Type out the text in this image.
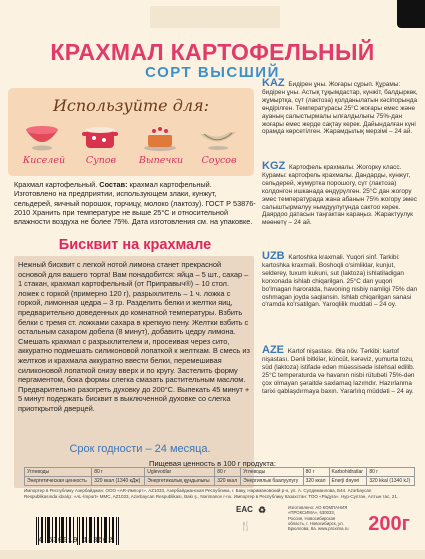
КРАХМАЛ КАРТОФЕЛЬНЫЙ
СОРТ ВЫСШИЙ
Используйте для:
Киселей	Супов	Выпечки	Соусов
Крахмал картофельный. Состав: крахмал картофельный. Изготовлено на предприятии, использующем злаки, кунжут, сельдерей, яичный порошок, горчицу, молоко (лактозу). ГОСТ Р 53876-2010 Хранить при температуре не выше 25°C и относительной влажности воздуха не более 75%. Дата изготовления см. на упаковке.
Бисквит на крахмале
Нежный бисквит с легкой нотой лимона станет прекрасной основой для вашего торта! Вам понадобится: яйца – 5 шт., сахар – 1 стакан, крахмал картофельный (от Приправыч®) – 10 стол. ложек с горкой (примерно 120 г), разрыхлитель – 1 ч. ложка с горкой, лимонная цедра – 3 гр. Разделить белки и желтки яиц, предварительно доведенных до комнатной температуры. Взбить белки с тремя ст. ложками сахара в крепкую пену. Желтки взбить с остальным сахаром добела (8 минут), добавить цедру лимона. Смешать крахмал с разрыхлителем и, просеивая через сито, аккуратно подмешать силиконовой лопаткой к желткам. В смесь из желтков и крахмала аккуратно ввести белки, перемешивая силиконовой лопаткой снизу вверх и по кругу. Застелить форму пергаментом, бока формы слегка смазать растительным маслом. Предварительно разогреть духовку до 200°C. Выпекать 45 минут + 5 минут подержать бисквит в выключенной духовке со слегка приоткрытой дверцей.
Срок годности – 24 месяца.
KAZ Бидірен ұны. Жоғары сұрып. Құрамы: бидірен ұны. Астық тұқымдастар, күнжіт, балдыркөк, жұмыртқа, сүт (лактоза) қолданылатын кәсіпорында өндірілген. Температурасы 25°С жоғары емес және ауаның салыстырмалы ылғалдылығы 75%-дан жоғары емес жерде сақтау керек. Дайындалған күні орамда көрсетілген. Жарамдылық мерзімі – 24 ай.
KGZ Картофель крахмалы. Жогорку класс. Курамы: картофель крахмалы. Дандарды, кунжут, сельдерей, жумуртка порошогу, сүт (лактоза) колдонгон ишканада өндүрүлгөн. 25°С дан жогору эмес температурада жана абанын 75% жогору эмес салыштырмалуу нымдуулугунда сактоо керек. Даярдоо датасын таңгактан караңыз. Жарактуулук мөөнөтү – 24 ай.
UZB Kartoshka kraxmali. Yuqori sinf. Tarkibi: kartoshka kraxmali. Boshoqli o'simliklar, kunjut, selderey, tuxum kukuni, sut (laktoza) ishlatiladigan korxonada ishlab chiqarilgan. 25°C dan yuqori bo'lmagan haroratda, havoning nisbiy namligi 75% dan oshmagan joyda saqlansin. Ishlab chiqarilgan sanasi o'ramda ko'rsatilgan. Yaroqlilik muddati – 24 oy.
AZE Kartof nişastası. Əla növ. Tərkibi: kartof nişastası. Dənli bitkilər, küncüt, kərəviz, yumurta tozu, süd (laktoza) istifadə edən müəssisədə istehsal edilib. 25°C temperaturda və havanın nisbi rütubəti 75%-dən çox olmayan şəraitdə saxlamaq lazımdır. Hazırlanma tarixi qablaşdırmaya baxın. Yararlılıq müddəti – 24 ay.
Пищевая ценность в 100 г продукта:
Углеводы	80 г	Uglevodlar	80 г	Углеводы	80 г	Karbohidratlar	80 г
Энергетическая ценность	320 ккал (1340 кДж)	Энергетикалық құндылығы	320 ккал	Энергиялык баалуулугу	320 ккал	Enerji dəyəri	320 kkal (1340 kJ)
Импортер в Республику Азербайджан: ООО «AR-Импорт», AZ1033, Азербайджанская Республика, г. Баку, Наримановский р-н, ул. А. Сулдеманлова, Б44. Azərbaycan Respublikasında idxalçı: «AL-İmport» MMC, AZ1033, Azərbaycan Respublikası, Bakı ş., Nərimanov r-nu. Импортер в Республику Казахстан: ТОО «Радуга». Нур-Султан, Алтын тас, 21.
4 630019 133602
EAC ♻
🍴
Изготовлено: АО КОМПАНИЯ «ПРОКСИМА», 630033, Россия, Новосибирская область, г. Новосибирск, ул. Брюллова, 8а. www.proxima.ru 200г
